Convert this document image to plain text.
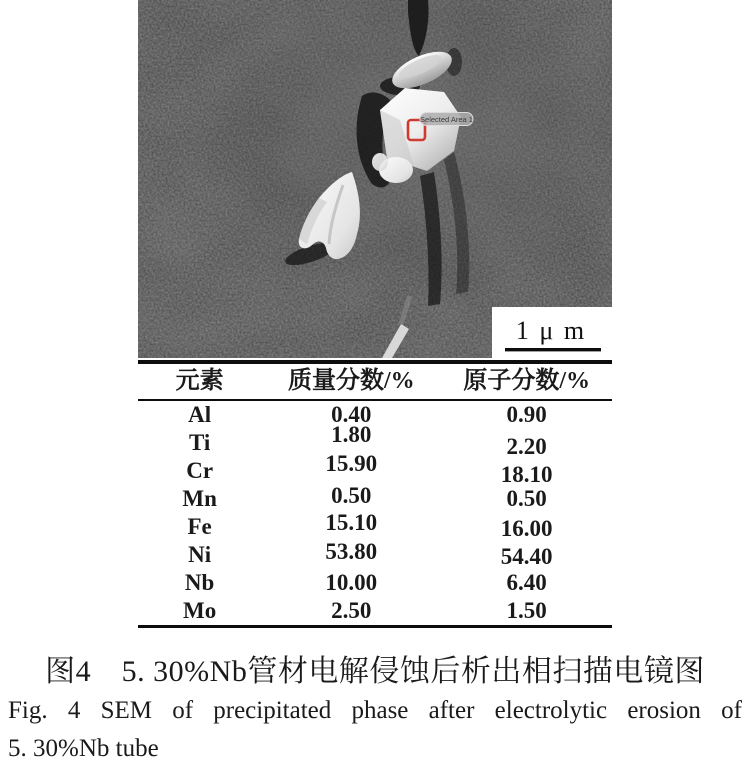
Selected Area 1
1 μ m
元素	质量分数/%	原子分数/%
Al	0.40	0.90
Ti	1.80	2.20
Cr	15.90	18.10
Mn	0.50	0.50
Fe	15.10	16.00
Ni	53.80	54.40
Nb	10.00	6.40
Mo	2.50	1.50
图4　5. 30%Nb管材电解侵蚀后析出相扫描电镜图
Fig. 4 SEM of precipitated phase after electrolytic erosion of
5. 30%Nb tube
